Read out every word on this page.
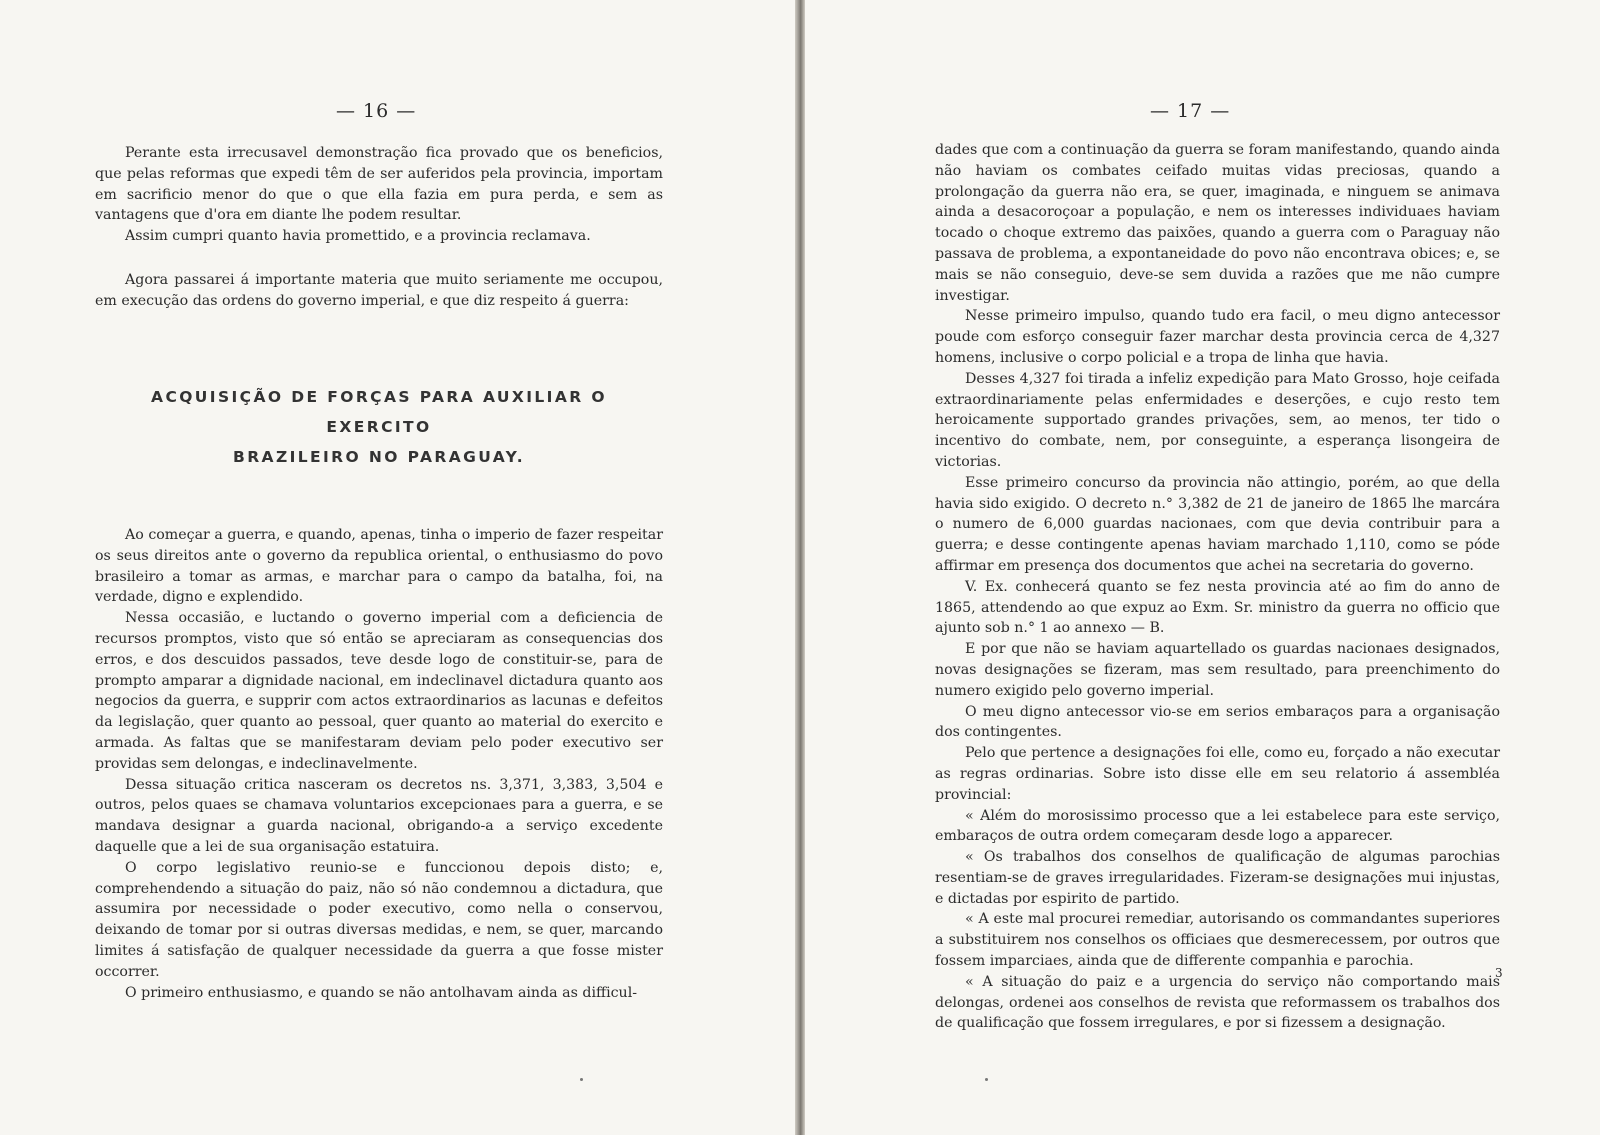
— 16 —

Perante esta irrecusavel demonstração fica provado que os beneficios, que pelas reformas que expedi têm de ser auferidos pela provincia, importam em sacrificio menor do que o que ella fazia em pura perda, e sem as vantagens que d'ora em diante lhe podem resultar.

Assim cumpri quanto havia promettido, e a provincia reclamava.

Agora passarei á importante materia que muito seriamente me occupou, em execução das ordens do governo imperial, e que diz respeito á guerra:

ACQUISIÇÃO DE FORÇAS PARA AUXILIAR O EXERCITO
BRAZILEIRO NO PARAGUAY.

Ao começar a guerra, e quando, apenas, tinha o imperio de fazer respeitar os seus direitos ante o governo da republica oriental, o enthusiasmo do povo brasileiro a tomar as armas, e marchar para o campo da batalha, foi, na verdade, digno e explendido.

Nessa occasião, e luctando o governo imperial com a deficiencia de recursos promptos, visto que só então se apreciaram as consequencias dos erros, e dos descuidos passados, teve desde logo de constituir-se, para de prompto amparar a dignidade nacional, em indeclinavel dictadura quanto aos negocios da guerra, e supprir com actos extraordinarios as lacunas e defeitos da legislação, quer quanto ao pessoal, quer quanto ao material do exercito e armada. As faltas que se manifestaram deviam pelo poder executivo ser providas sem delongas, e indeclinavelmente.

Dessa situação critica nasceram os decretos ns. 3,371, 3,383, 3,504 e outros, pelos quaes se chamava voluntarios excepcionaes para a guerra, e se mandava designar a guarda nacional, obrigando-a a serviço excedente daquelle que a lei de sua organisação estatuira.

O corpo legislativo reunio-se e funccionou depois disto; e, comprehendendo a situação do paiz, não só não condemnou a dictadura, que assumira por necessidade o poder executivo, como nella o conservou, deixando de tomar por si outras diversas medidas, e nem, se quer, marcando limites á satisfação de qualquer necessidade da guerra a que fosse mister occorrer.

O primeiro enthusiasmo, e quando se não antolhavam ainda as difficul-

— 17 —

dades que com a continuação da guerra se foram manifestando, quando ainda não haviam os combates ceifado muitas vidas preciosas, quando a prolongação da guerra não era, se quer, imaginada, e ninguem se animava ainda a desacoroçoar a população, e nem os interesses individuaes haviam tocado o choque extremo das paixões, quando a guerra com o Paraguay não passava de problema, a expontaneidade do povo não encontrava obices; e, se mais se não conseguio, deve-se sem duvida a razões que me não cumpre investigar.

Nesse primeiro impulso, quando tudo era facil, o meu digno antecessor poude com esforço conseguir fazer marchar desta provincia cerca de 4,327 homens, inclusive o corpo policial e a tropa de linha que havia.

Desses 4,327 foi tirada a infeliz expedição para Mato Grosso, hoje ceifada extraordinariamente pelas enfermidades e deserções, e cujo resto tem heroicamente supportado grandes privações, sem, ao menos, ter tido o incentivo do combate, nem, por conseguinte, a esperança lisongeira de victorias.

Esse primeiro concurso da provincia não attingio, porém, ao que della havia sido exigido. O decreto n.° 3,382 de 21 de janeiro de 1865 lhe marcára o numero de 6,000 guardas nacionaes, com que devia contribuir para a guerra; e desse contingente apenas haviam marchado 1,110, como se póde affirmar em presença dos documentos que achei na secretaria do governo.

V. Ex. conhecerá quanto se fez nesta provincia até ao fim do anno de 1865, attendendo ao que expuz ao Exm. Sr. ministro da guerra no officio que ajunto sob n.° 1 ao annexo — B.

E por que não se haviam aquartellado os guardas nacionaes designados, novas designações se fizeram, mas sem resultado, para preenchimento do numero exigido pelo governo imperial.

O meu digno antecessor vio-se em serios embaraços para a organisação dos contingentes.

Pelo que pertence a designações foi elle, como eu, forçado a não executar as regras ordinarias. Sobre isto disse elle em seu relatorio á assembléa provincial:

« Além do morosissimo processo que a lei estabelece para este serviço, embaraços de outra ordem começaram desde logo a apparecer.

« Os trabalhos dos conselhos de qualificação de algumas parochias resentiam-se de graves irregularidades. Fizeram-se designações mui injustas, e dictadas por espirito de partido.

« A este mal procurei remediar, autorisando os commandantes superiores a substituirem nos conselhos os officiaes que desmerecessem, por outros que fossem imparciaes, ainda que de differente companhia e parochia.

« A situação do paiz e a urgencia do serviço não comportando mais delongas, ordenei aos conselhos de revista que reformassem os trabalhos dos de qualificação que fossem irregulares, e por si fizessem a designação.

3
